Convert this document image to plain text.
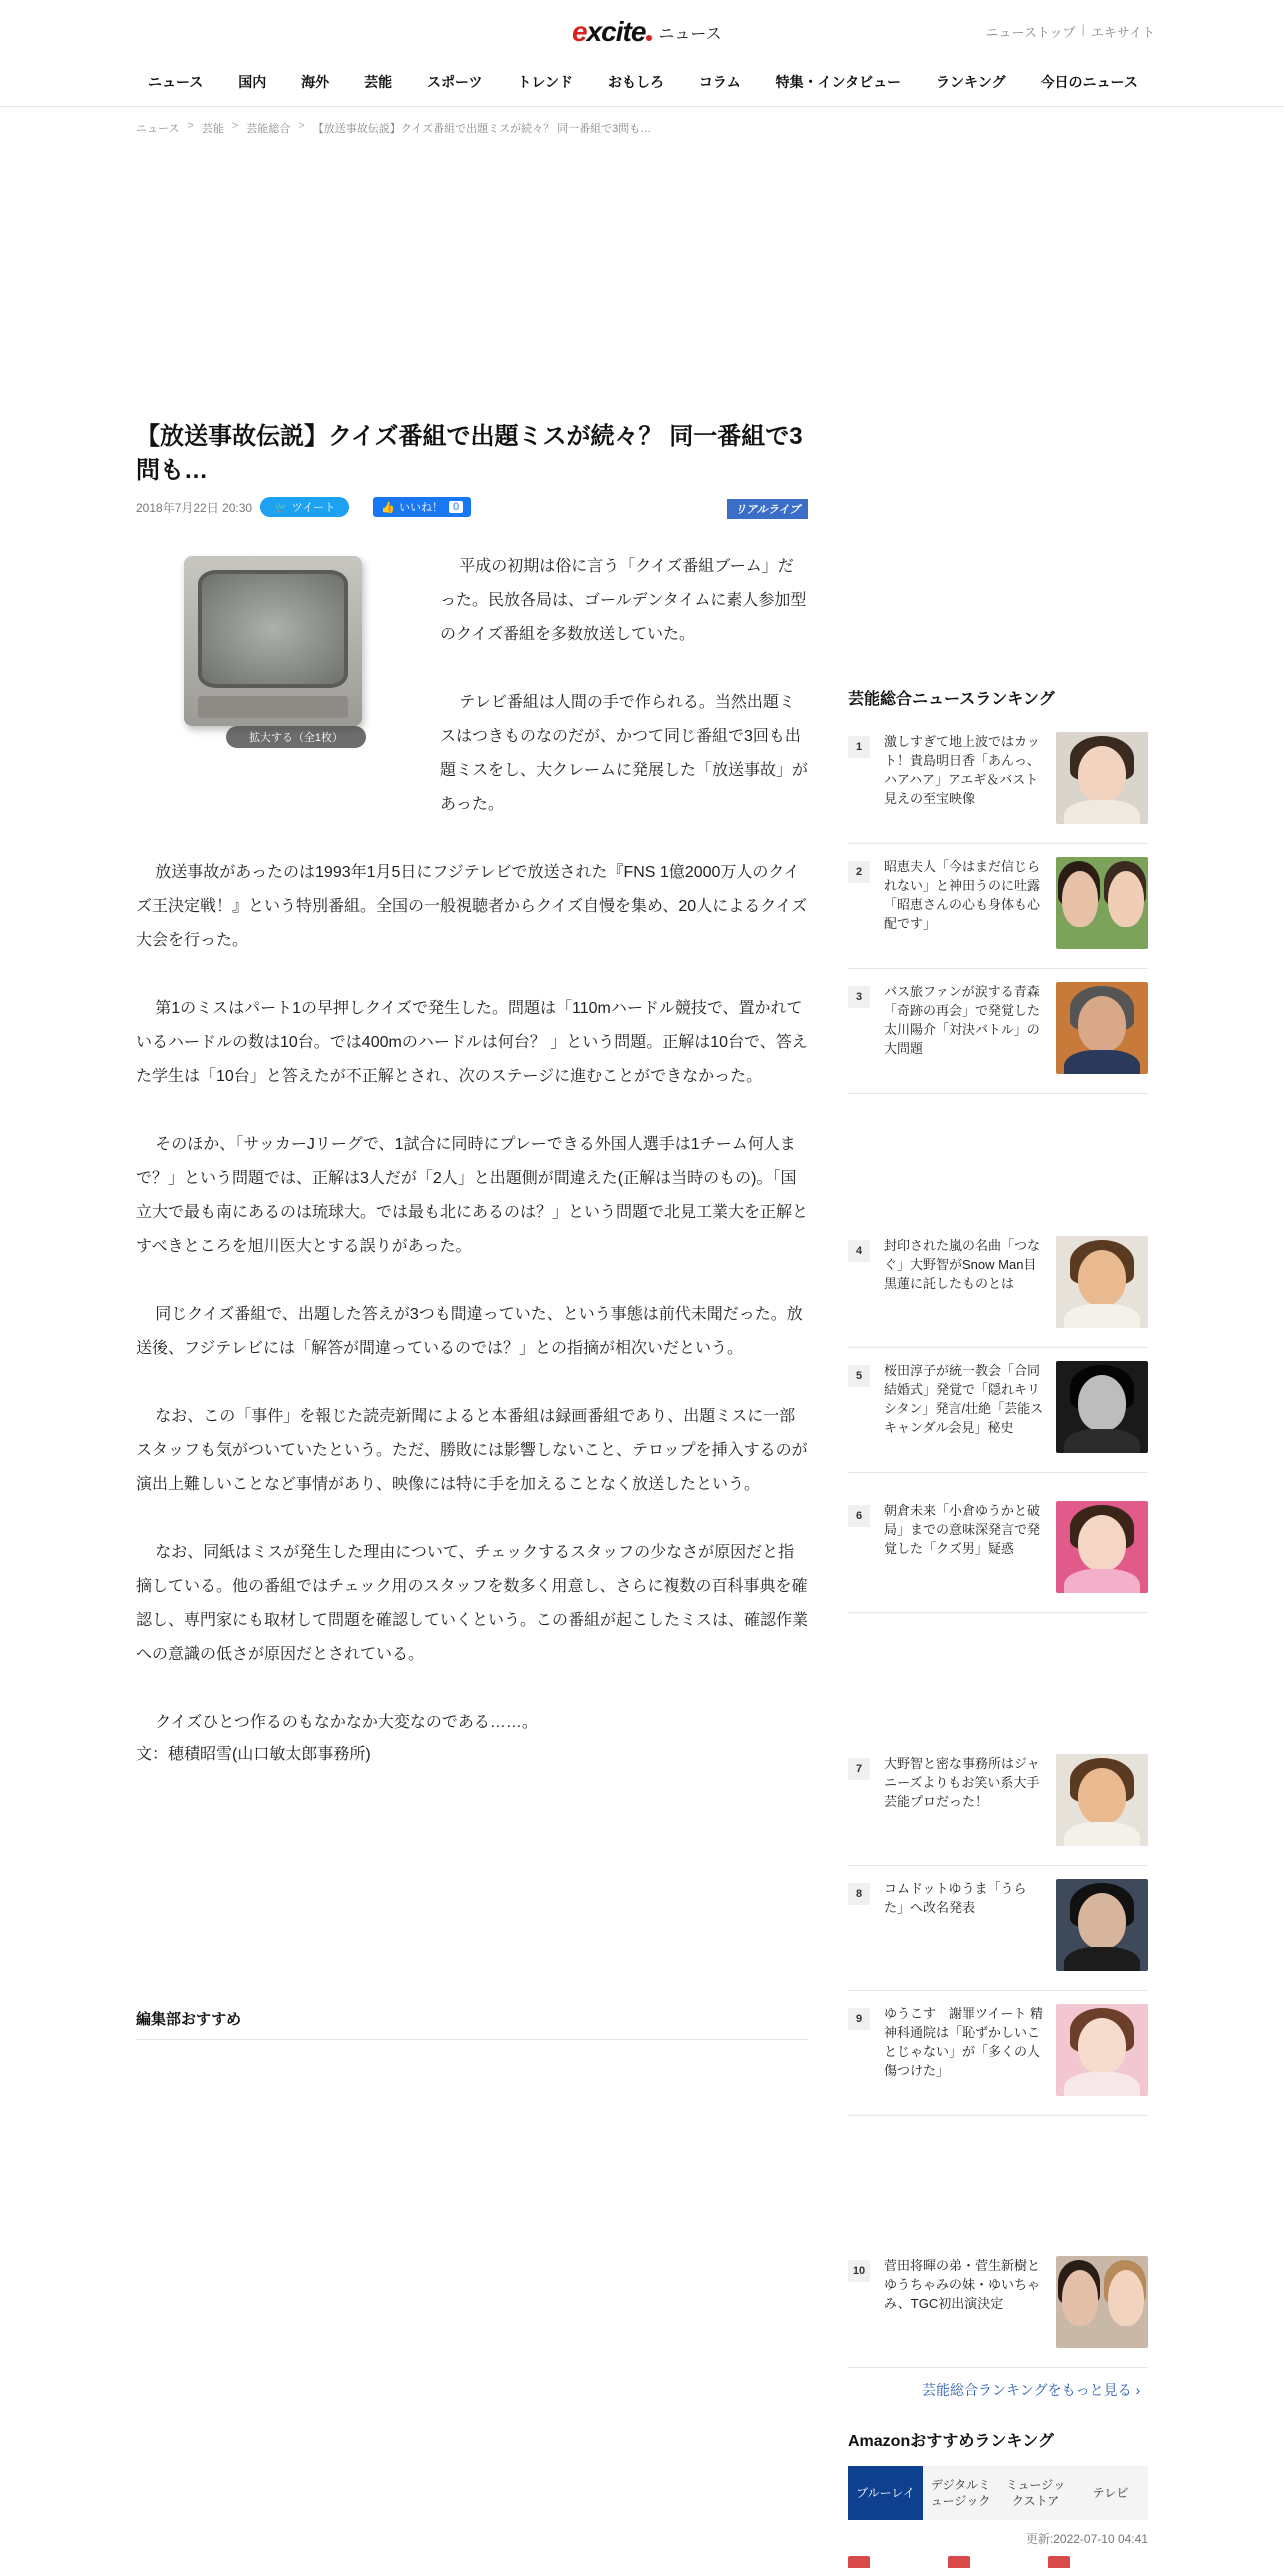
excite ニュース	ニューストップ | エキサイト
ニュース 国内 海外 芸能 スポーツ トレンド おもしろ コラム 特集・インタビュー ランキング 今日のニュース
ニュース > 芸能 > 芸能総合 > 【放送事故伝説】クイズ番組で出題ミスが続々？ 同一番組で3問も…
【放送事故伝説】クイズ番組で出題ミスが続々？ 同一番組で3問も…
2018年7月22日 20:30 🐦 ツイート	👍 いいね！ 0	リアルライブ
拡大する（全1枚）

平成の初期は俗に言う「クイズ番組ブーム」だった。民放各局は、ゴールデンタイムに素人参加型のクイズ番組を多数放送していた。

テレビ番組は人間の手で作られる。当然出題ミスはつきものなのだが、かつて同じ番組で3回も出題ミスをし、大クレームに発展した「放送事故」があった。

放送事故があったのは1993年1月5日にフジテレビで放送された『FNS 1億2000万人のクイズ王決定戦！』という特別番組。全国の一般視聴者からクイズ自慢を集め、20人によるクイズ大会を行った。

第1のミスはパート1の早押しクイズで発生した。問題は「110mハードル競技で、置かれているハードルの数は10台。では400mのハードルは何台？ 」という問題。正解は10台で、答えた学生は「10台」と答えたが不正解とされ、次のステージに進むことができなかった。

そのほか、「サッカーJリーグで、1試合に同時にプレーできる外国人選手は1チーム何人まで？」という問題では、正解は3人だが「2人」と出題側が間違えた(正解は当時のもの)。「国立大で最も南にあるのは琉球大。では最も北にあるのは？」という問題で北見工業大を正解とすべきところを旭川医大とする誤りがあった。

同じクイズ番組で、出題した答えが3つも間違っていた、という事態は前代未聞だった。放送後、フジテレビには「解答が間違っているのでは？」との指摘が相次いだという。

なお、この「事件」を報じた読売新聞によると本番組は録画番組であり、出題ミスに一部スタッフも気がついていたという。ただ、勝敗には影響しないこと、テロップを挿入するのが演出上難しいことなど事情があり、映像には特に手を加えることなく放送したという。

なお、同紙はミスが発生した理由について、チェックするスタッフの少なさが原因だと指摘している。他の番組ではチェック用のスタッフを数多く用意し、さらに複数の百科事典を確認し、専門家にも取材して問題を確認していくという。この番組が起こしたミスは、確認作業への意識の低さが原因だとされている。

クイズひとつ作るのもなかなか大変なのである……。

文：穂積昭雪(山口敏太郎事務所)

編集部おすすめ
芸能総合ニュースランキング
1	激しすぎて地上波ではカット！貴島明日香「あんっ、ハアハア」アエギ＆バスト見えの至宝映像
2	昭恵夫人「今はまだ信じられない」と神田うのに吐露　「昭恵さんの心も身体も心配です」
3	バス旅ファンが涙する青森「奇跡の再会」で発覚した太川陽介「対決バトル」の大問題
4	封印された嵐の名曲「つなぐ」大野智がSnow Man目黒蓮に託したものとは
5	桜田淳子が統一教会「合同結婚式」発覚で「隠れキリシタン」発言/壮絶「芸能スキャンダル会見」秘史
6	朝倉未来「小倉ゆうかと破局」までの意味深発言で発覚した「クズ男」疑惑
7	大野智と密な事務所はジャニーズよりもお笑い系大手芸能プロだった！
8	コムドットゆうま「うらた」へ改名発表
9	ゆうこす　謝罪ツイート 精神科通院は「恥ずかしいことじゃない」が「多くの人傷つけた」
10	菅田将暉の弟・菅生新樹とゆうちゃみの妹・ゆいちゃみ、TGC初出演決定
芸能総合ランキングをもっと見る ›
Amazonおすすめランキング
ブルーレイ
デジタルミュージック
ミュージックストア
テレビ
更新:2022-07-10 04:41
